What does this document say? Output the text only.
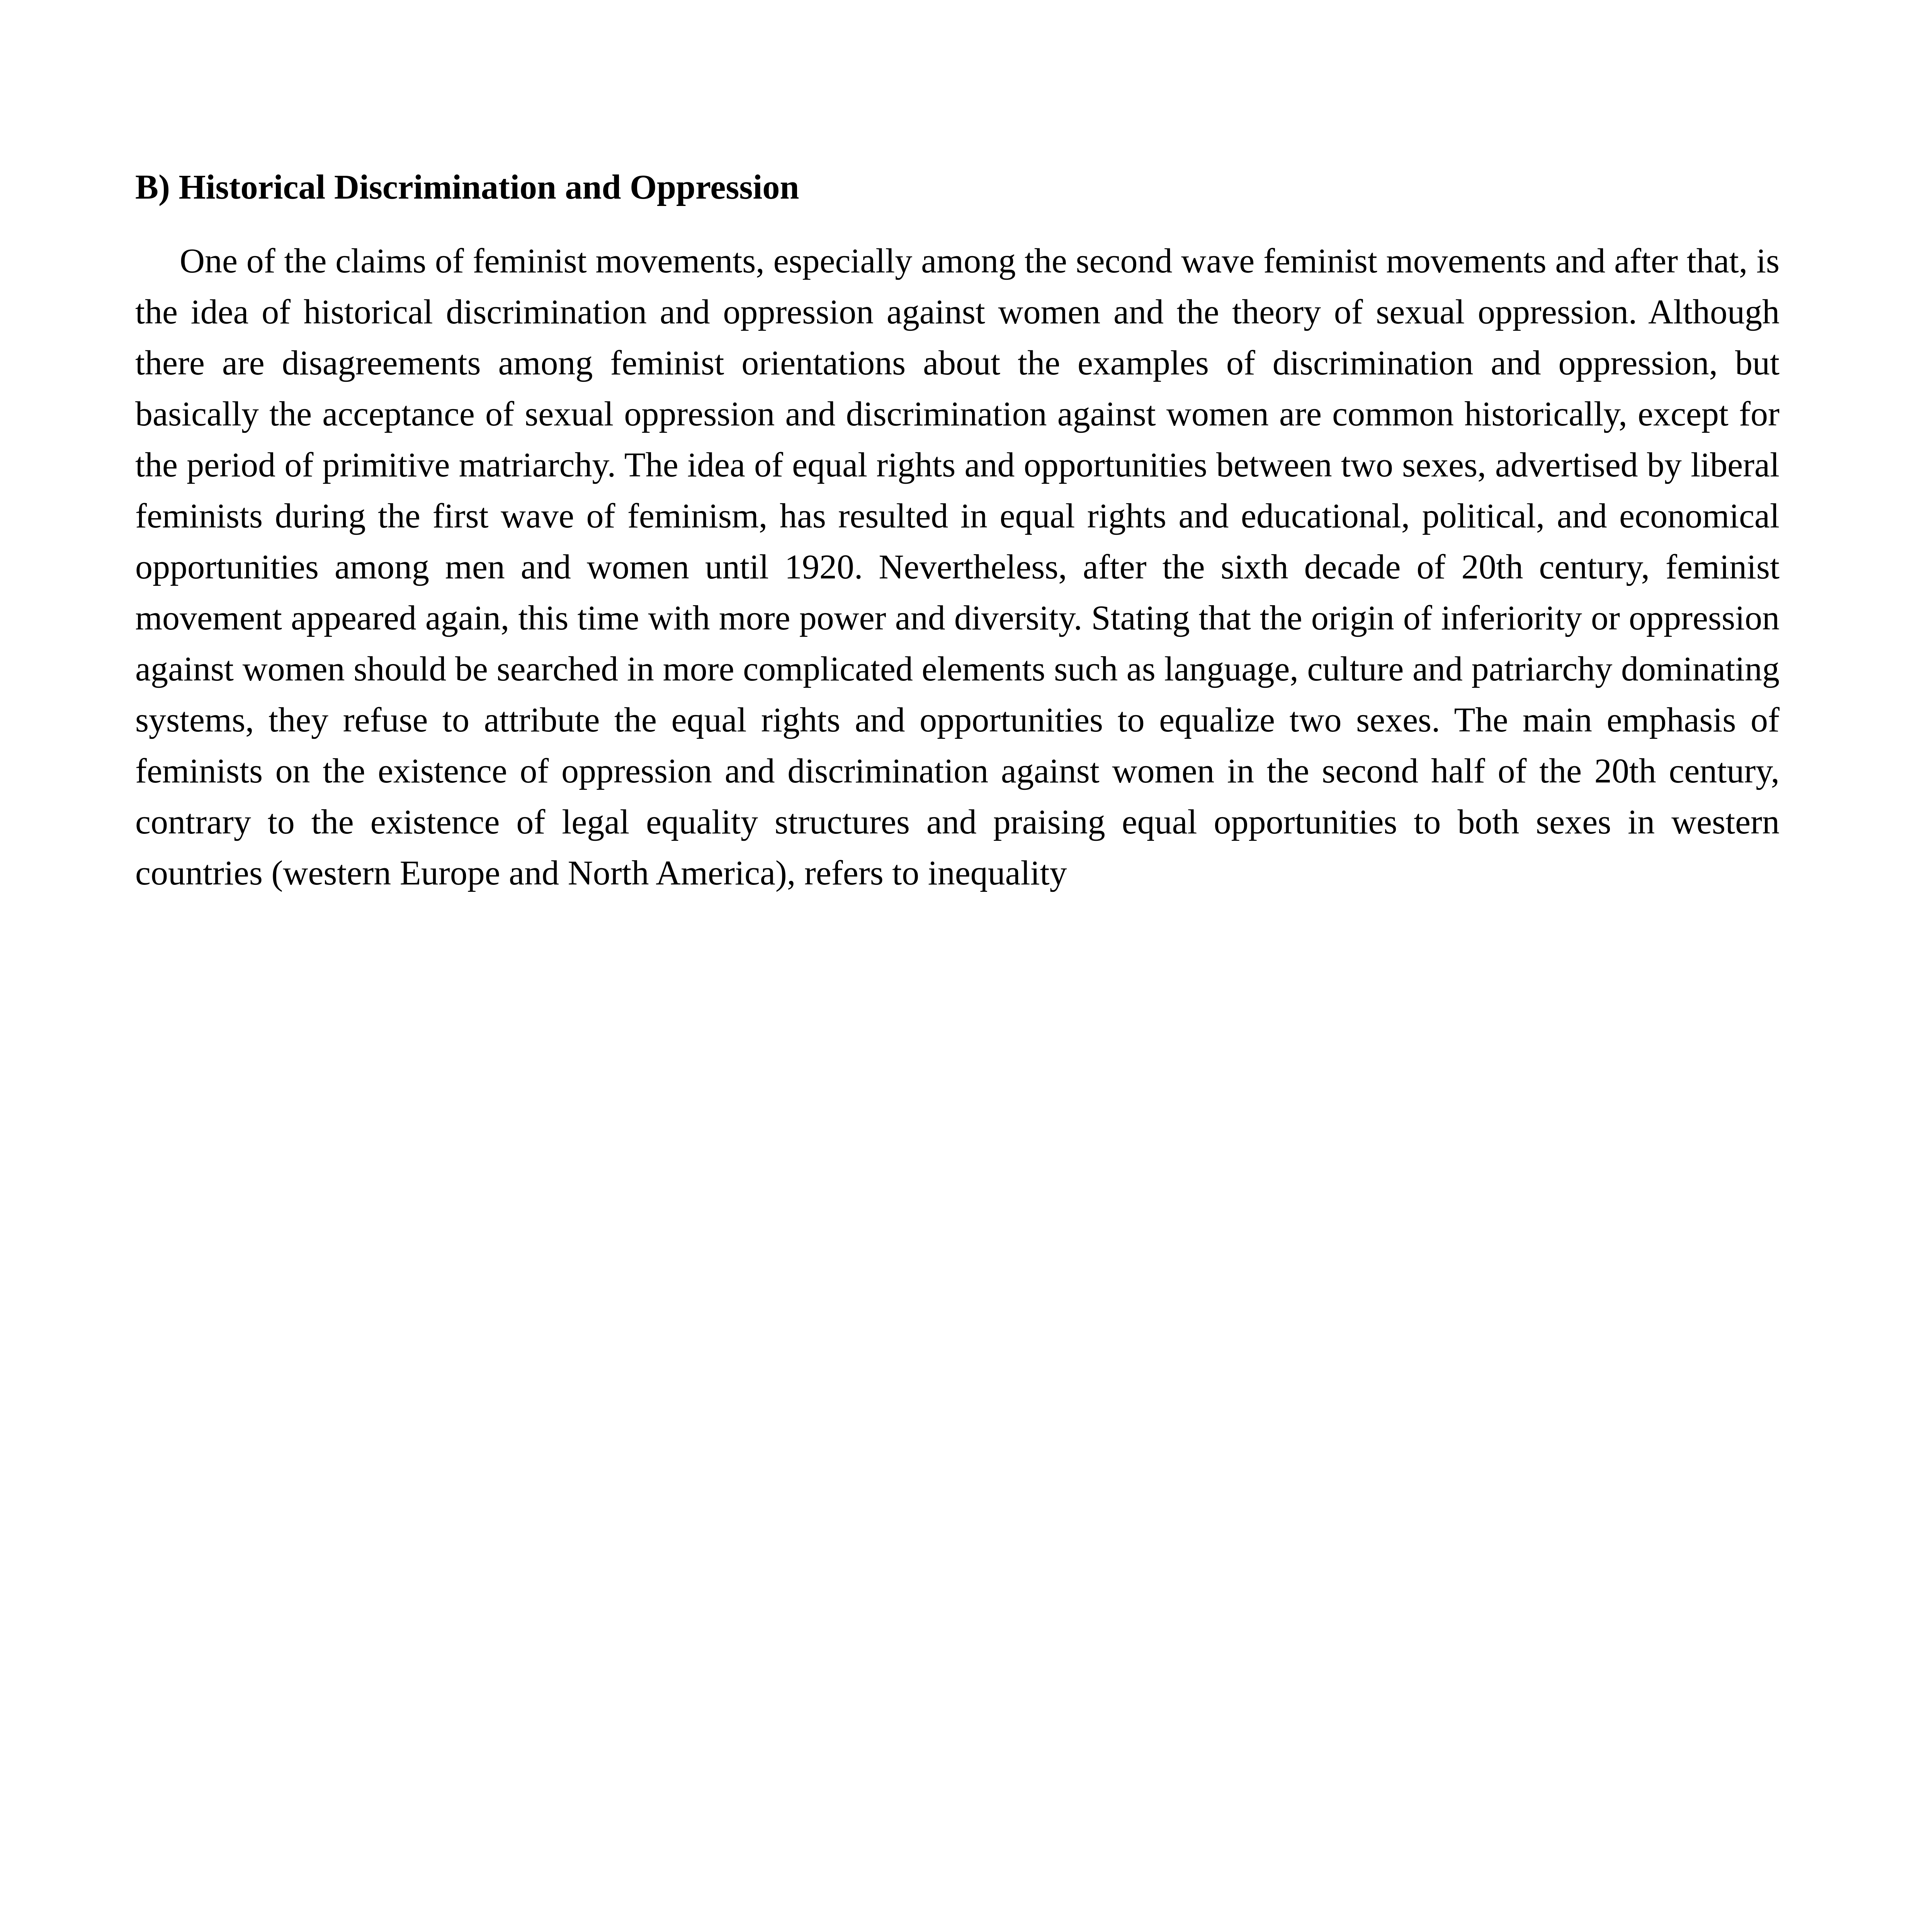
B) Historical Discrimination and Oppression

One of the claims of feminist movements, especially among the second wave feminist movements and after that, is the idea of historical discrimination and oppression against women and the theory of sexual oppression. Although there are disagreements among feminist orientations about the examples of discrimination and oppression, but basically the acceptance of sexual oppression and discrimination against women are common historically, except for the period of primitive matriarchy. The idea of equal rights and opportunities between two sexes, advertised by liberal feminists during the first wave of feminism, has resulted in equal rights and educational, political, and economical opportunities among men and women until 1920. Nevertheless, after the sixth decade of 20th century, feminist movement appeared again, this time with more power and diversity. Stating that the origin of inferiority or oppression against women should be searched in more complicated elements such as language, culture and patriarchy dominating systems, they refuse to attribute the equal rights and opportunities to equalize two sexes. The main emphasis of feminists on the existence of oppression and discrimination against women in the second half of the 20th century, contrary to the existence of legal equality structures and praising equal opportunities to both sexes in western countries (western Europe and North America), refers to inequality
